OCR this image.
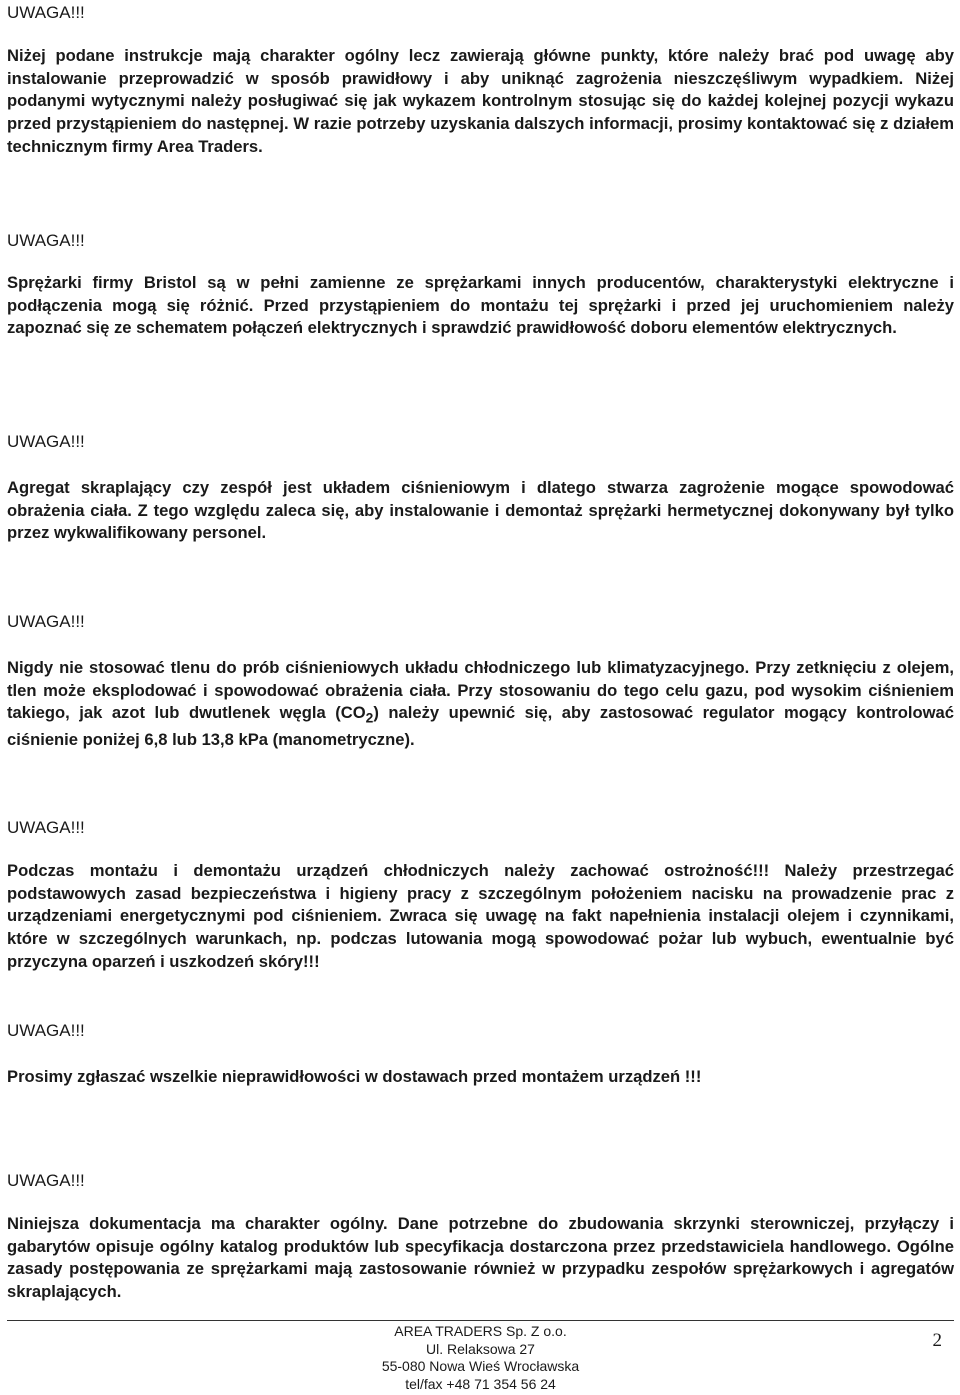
UWAGA!!!

Niżej podane instrukcje mają charakter ogólny lecz zawierają główne punkty, które należy brać pod uwagę aby instalowanie przeprowadzić w sposób prawidłowy i aby uniknąć zagrożenia nieszczęśliwym wypadkiem. Niżej podanymi wytycznymi należy posługiwać się jak wykazem kontrolnym stosując się do każdej kolejnej pozycji wykazu przed przystąpieniem do następnej. W razie potrzeby uzyskania dalszych informacji, prosimy kontaktować się z działem technicznym firmy Area Traders.

UWAGA!!!

Sprężarki firmy Bristol są w pełni zamienne ze sprężarkami innych producentów, charakterystyki elektryczne i podłączenia mogą się różnić. Przed przystąpieniem do montażu tej sprężarki i przed jej uruchomieniem należy zapoznać się ze schematem połączeń elektrycznych i sprawdzić prawidłowość doboru elementów elektrycznych.

UWAGA!!!

Agregat skraplający czy zespół jest układem ciśnieniowym i dlatego stwarza zagrożenie mogące spowodować obrażenia ciała. Z tego względu zaleca się, aby instalowanie i demontaż sprężarki hermetycznej dokonywany był tylko przez wykwalifikowany personel.

UWAGA!!!

Nigdy nie stosować tlenu do prób ciśnieniowych układu chłodniczego lub klimatyzacyjnego. Przy zetknięciu z olejem, tlen może eksplodować i spowodować obrażenia ciała. Przy stosowaniu do tego celu gazu, pod wysokim ciśnieniem takiego, jak azot lub dwutlenek węgla $(CO_2)$ należy upewnić się, aby zastosować regulator mogący kontrolować ciśnienie poniżej 6,8 lub 13,8 kPa (manometryczne).

UWAGA!!!

Podczas montażu i demontażu urządzeń chłodniczych należy zachować ostrożność!!! Należy przestrzegać podstawowych zasad bezpieczeństwa i higieny pracy z szczególnym położeniem nacisku na prowadzenie prac z urządzeniami energetycznymi pod ciśnieniem. Zwraca się uwagę na fakt napełnienia instalacji olejem i czynnikami, które w szczególnych warunkach, np. podczas lutowania mogą spowodować pożar lub wybuch, ewentualnie być przyczyna oparzeń i uszkodzeń skóry!!!

UWAGA!!!

Prosimy zgłaszać wszelkie nieprawidłowości w dostawach przed montażem urządzeń !!!

UWAGA!!!

Niniejsza dokumentacja ma charakter ogólny. Dane potrzebne do zbudowania skrzynki sterowniczej, przyłączy i gabarytów opisuje ogólny katalog produktów lub specyfikacja dostarczona przez przedstawiciela handlowego. Ogólne zasady postępowania ze sprężarkami mają zastosowanie również w przypadku zespołów sprężarkowych i agregatów skraplających.

AREA TRADERS Sp. Z o.o.
Ul. Relaksowa 27
55-080 Nowa Wieś Wrocławska
tel/fax +48 71 354 56 24
2
